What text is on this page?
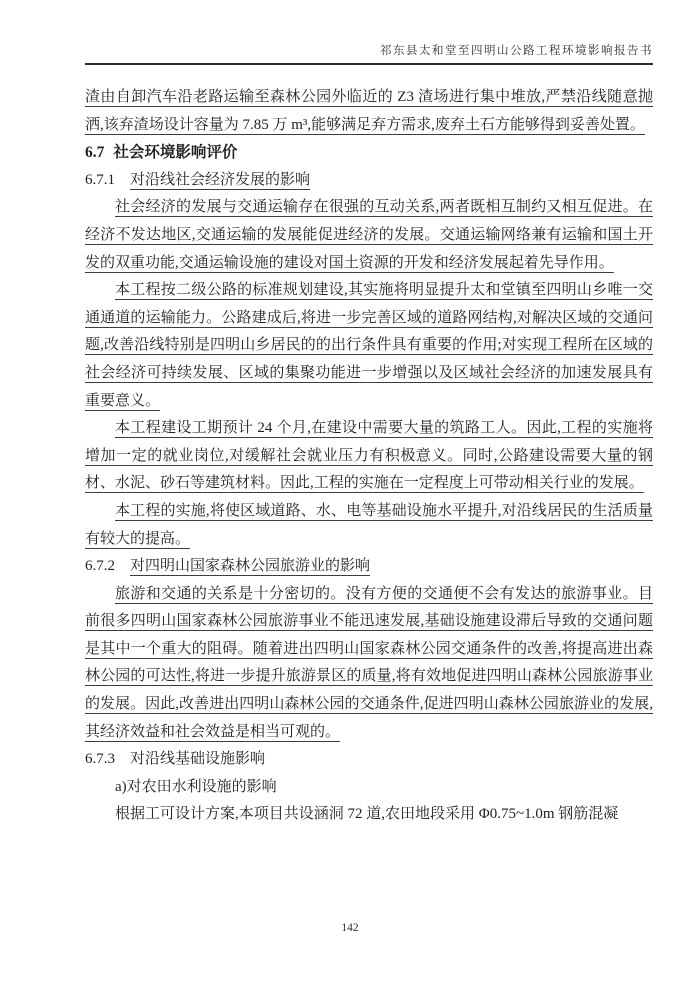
祁东县太和堂至四明山公路工程环境影响报告书

渣由自卸汽车沿老路运输至森林公园外临近的 Z3 渣场进行集中堆放,严禁沿线随意抛洒,该弃渣场设计容量为 7.85 万 m³,能够满足弃方需求,废弃土石方能够得到妥善处置。

6.7 社会环境影响评价
6.7.1 对沿线社会经济发展的影响

社会经济的发展与交通运输存在很强的互动关系,两者既相互制约又相互促进。在经济不发达地区,交通运输的发展能促进经济的发展。交通运输网络兼有运输和国土开发的双重功能,交通运输设施的建设对国土资源的开发和经济发展起着先导作用。

本工程按二级公路的标准规划建设,其实施将明显提升太和堂镇至四明山乡唯一交通通道的运输能力。公路建成后,将进一步完善区域的道路网结构,对解决区域的交通问题,改善沿线特别是四明山乡居民的的出行条件具有重要的作用;对实现工程所在区域的社会经济可持续发展、区域的集聚功能进一步增强以及区域社会经济的加速发展具有重要意义。

本工程建设工期预计 24 个月,在建设中需要大量的筑路工人。因此,工程的实施将增加一定的就业岗位,对缓解社会就业压力有积极意义。同时,公路建设需要大量的钢材、水泥、砂石等建筑材料。因此,工程的实施在一定程度上可带动相关行业的发展。

本工程的实施,将使区域道路、水、电等基础设施水平提升,对沿线居民的生活质量有较大的提高。

6.7.2 对四明山国家森林公园旅游业的影响

旅游和交通的关系是十分密切的。没有方便的交通便不会有发达的旅游事业。目前很多四明山国家森林公园旅游事业不能迅速发展,基础设施建设滞后导致的交通问题是其中一个重大的阻碍。随着进出四明山国家森林公园交通条件的改善,将提高进出森林公园的可达性,将进一步提升旅游景区的质量,将有效地促进四明山森林公园旅游事业的发展。因此,改善进出四明山森林公园的交通条件,促进四明山森林公园旅游业的发展,其经济效益和社会效益是相当可观的。

6.7.3 对沿线基础设施影响

a)对农田水利设施的影响

根据工可设计方案,本项目共设涵洞 72 道,农田地段采用 Φ0.75~1.0m 钢筋混凝

142
